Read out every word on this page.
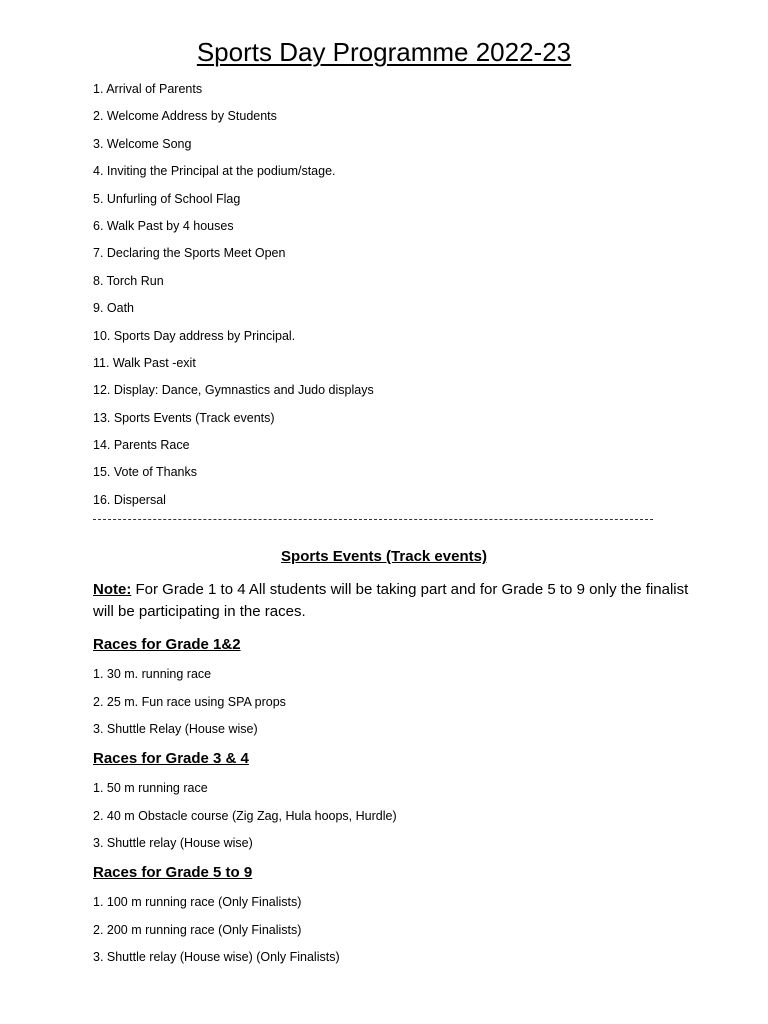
Sports Day Programme 2022-23
1. Arrival of Parents
2. Welcome Address by Students
3. Welcome Song
4. Inviting the Principal at the podium/stage.
5. Unfurling of School Flag
6. Walk Past by 4 houses
7. Declaring the Sports Meet Open
8. Torch Run
9. Oath
10. Sports Day address by Principal.
11. Walk Past -exit
12. Display: Dance, Gymnastics and Judo displays
13. Sports Events (Track events)
14. Parents Race
15. Vote of Thanks
16. Dispersal
Sports Events (Track events)
Note: For Grade 1 to 4 All students will be taking part and for Grade 5 to 9 only the finalist will be participating in the races.
Races for Grade 1&2
1. 30 m. running race
2. 25 m. Fun race using SPA props
3. Shuttle Relay (House wise)
Races for Grade 3 & 4
1. 50 m running race
2. 40 m Obstacle course (Zig Zag, Hula hoops, Hurdle)
3. Shuttle relay (House wise)
Races for Grade 5 to 9
1. 100 m running race (Only Finalists)
2. 200 m running race (Only Finalists)
3. Shuttle relay (House wise) (Only Finalists)
